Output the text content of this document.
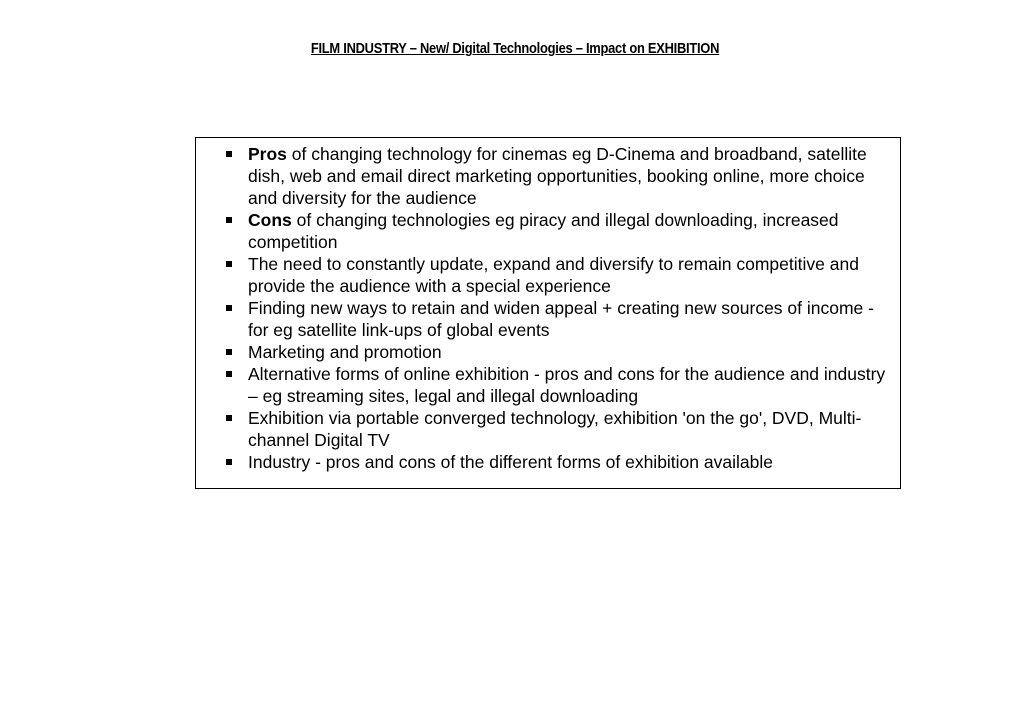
FILM INDUSTRY – New/ Digital Technologies – Impact on EXHIBITION
Pros of changing technology for cinemas eg D-Cinema and broadband, satellite dish, web and email direct marketing opportunities, booking online, more choice and diversity for the audience
Cons of changing technologies eg piracy and illegal downloading, increased competition
The need to constantly update, expand and diversify to remain competitive and provide the audience with a special experience
Finding new ways to retain and widen appeal + creating new sources of income - for eg satellite link-ups of global events
Marketing and promotion
Alternative forms of online exhibition - pros and cons for the audience and industry – eg streaming sites, legal and illegal downloading
Exhibition via portable converged technology, exhibition 'on the go', DVD, Multi-channel Digital TV
Industry - pros and cons of the different forms of exhibition available
